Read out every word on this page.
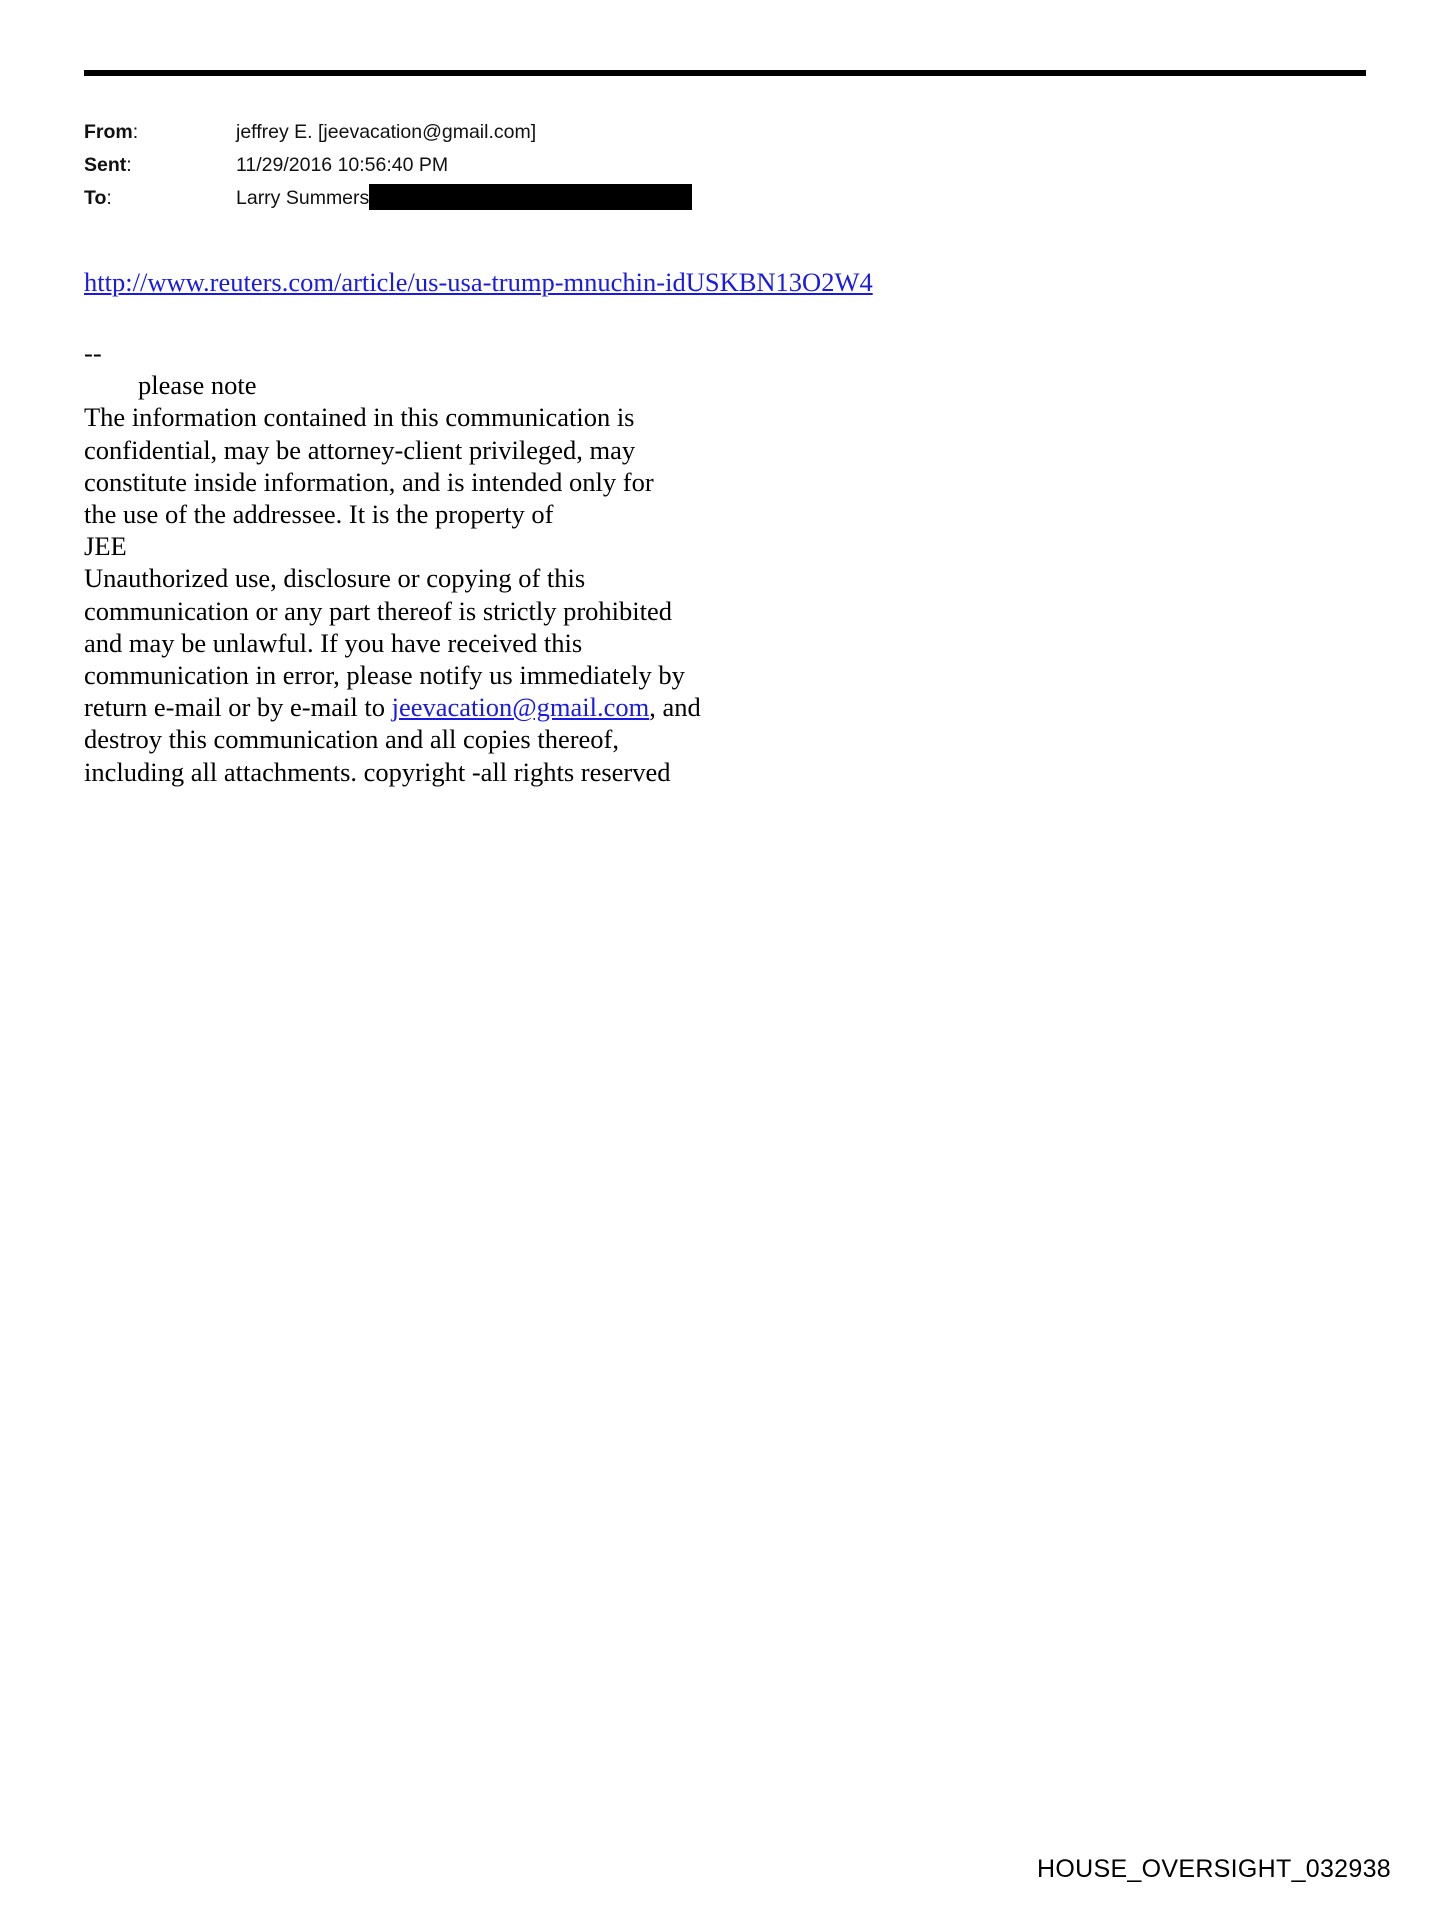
From:	jeffrey E. [jeevacation@gmail.com]
Sent:	11/29/2016 10:56:40 PM
To:	Larry Summers
http://www.reuters.com/article/us-usa-trump-mnuchin-idUSKBN13O2W4
--
please note
The information contained in this communication is
confidential, may be attorney-client privileged, may
constitute inside information, and is intended only for
the use of the addressee. It is the property of
JEE
Unauthorized use, disclosure or copying of this
communication or any part thereof is strictly prohibited
and may be unlawful. If you have received this
communication in error, please notify us immediately by
return e-mail or by e-mail to jeevacation@gmail.com, and
destroy this communication and all copies thereof,
including all attachments. copyright -all rights reserved
HOUSE_OVERSIGHT_032938
